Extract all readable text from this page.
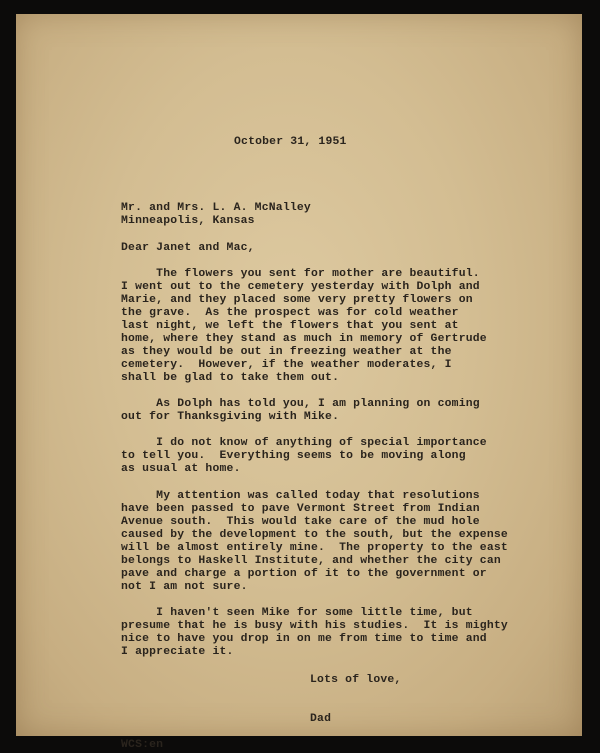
October 31, 1951
Mr. and Mrs. L. A. McNalley
Minneapolis, Kansas
Dear Janet and Mac,
The flowers you sent for mother are beautiful.
I went out to the cemetery yesterday with Dolph and
Marie, and they placed some very pretty flowers on
the grave.  As the prospect was for cold weather
last night, we left the flowers that you sent at
home, where they stand as much in memory of Gertrude
as they would be out in freezing weather at the
cemetery.  However, if the weather moderates, I
shall be glad to take them out.
As Dolph has told you, I am planning on coming
out for Thanksgiving with Mike.
I do not know of anything of special importance
to tell you.  Everything seems to be moving along
as usual at home.
My attention was called today that resolutions
have been passed to pave Vermont Street from Indian
Avenue south.  This would take care of the mud hole
caused by the development to the south, but the expense
will be almost entirely mine.  The property to the east
belongs to Haskell Institute, and whether the city can
pave and charge a portion of it to the government or
not I am not sure.
I haven't seen Mike for some little time, but
presume that he is busy with his studies.  It is mighty
nice to have you drop in on me from time to time and
I appreciate it.
Lots of love,
Dad
WCS:en
